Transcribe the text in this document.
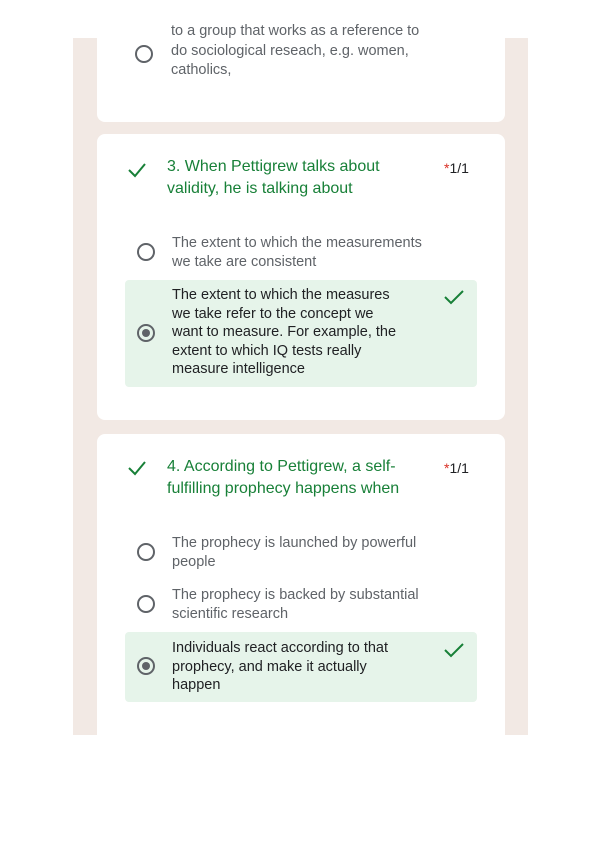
to a group that works as a reference to
do sociological reseach, e.g. women,
catholics,
3. When Pettigrew talks about
validity, he is talking about
*1/1
The extent to which the measurements
we take are consistent
The extent to which the measures
we take refer to the concept we
want to measure. For example, the
extent to which IQ tests really
measure intelligence
4. According to Pettigrew, a self-
fulfilling prophecy happens when
*1/1
The prophecy is launched by powerful
people
The prophecy is backed by substantial
scientific research
Individuals react according to that
prophecy, and make it actually
happen
